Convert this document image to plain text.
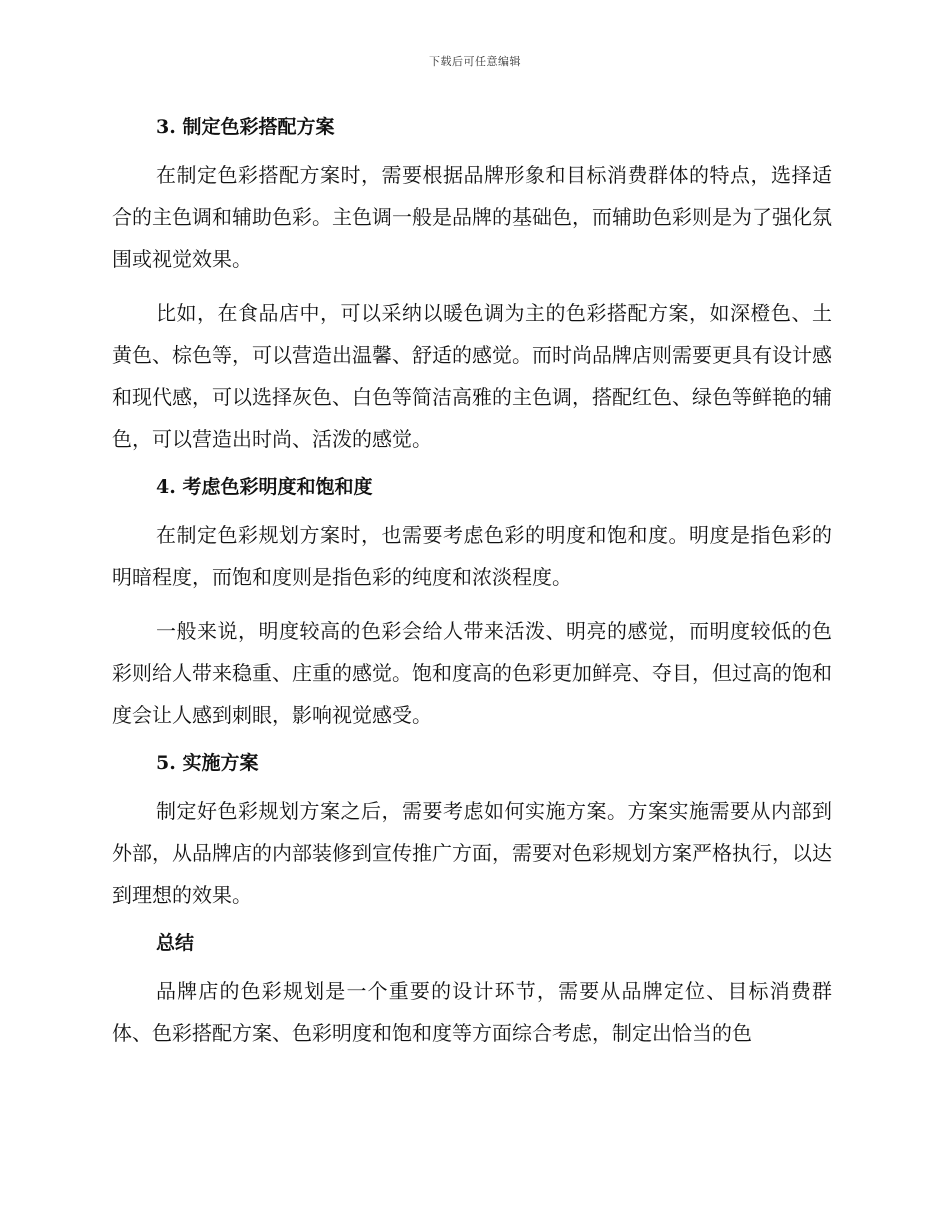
下载后可任意编辑
3. 制定色彩搭配方案

在制定色彩搭配方案时，需要根据品牌形象和目标消费群体的特点，选择适合的主色调和辅助色彩。主色调一般是品牌的基础色，而辅助色彩则是为了强化氛围或视觉效果。

比如，在食品店中，可以采纳以暖色调为主的色彩搭配方案，如深橙色、土黄色、棕色等，可以营造出温馨、舒适的感觉。而时尚品牌店则需要更具有设计感和现代感，可以选择灰色、白色等简洁高雅的主色调，搭配红色、绿色等鲜艳的辅色，可以营造出时尚、活泼的感觉。

4. 考虑色彩明度和饱和度

在制定色彩规划方案时，也需要考虑色彩的明度和饱和度。明度是指色彩的明暗程度，而饱和度则是指色彩的纯度和浓淡程度。

一般来说，明度较高的色彩会给人带来活泼、明亮的感觉，而明度较低的色彩则给人带来稳重、庄重的感觉。饱和度高的色彩更加鲜亮、夺目，但过高的饱和度会让人感到刺眼，影响视觉感受。

5. 实施方案

制定好色彩规划方案之后，需要考虑如何实施方案。方案实施需要从内部到外部，从品牌店的内部装修到宣传推广方面，需要对色彩规划方案严格执行，以达到理想的效果。

总结

品牌店的色彩规划是一个重要的设计环节，需要从品牌定位、目标消费群体、色彩搭配方案、色彩明度和饱和度等方面综合考虑，制定出恰当的色
